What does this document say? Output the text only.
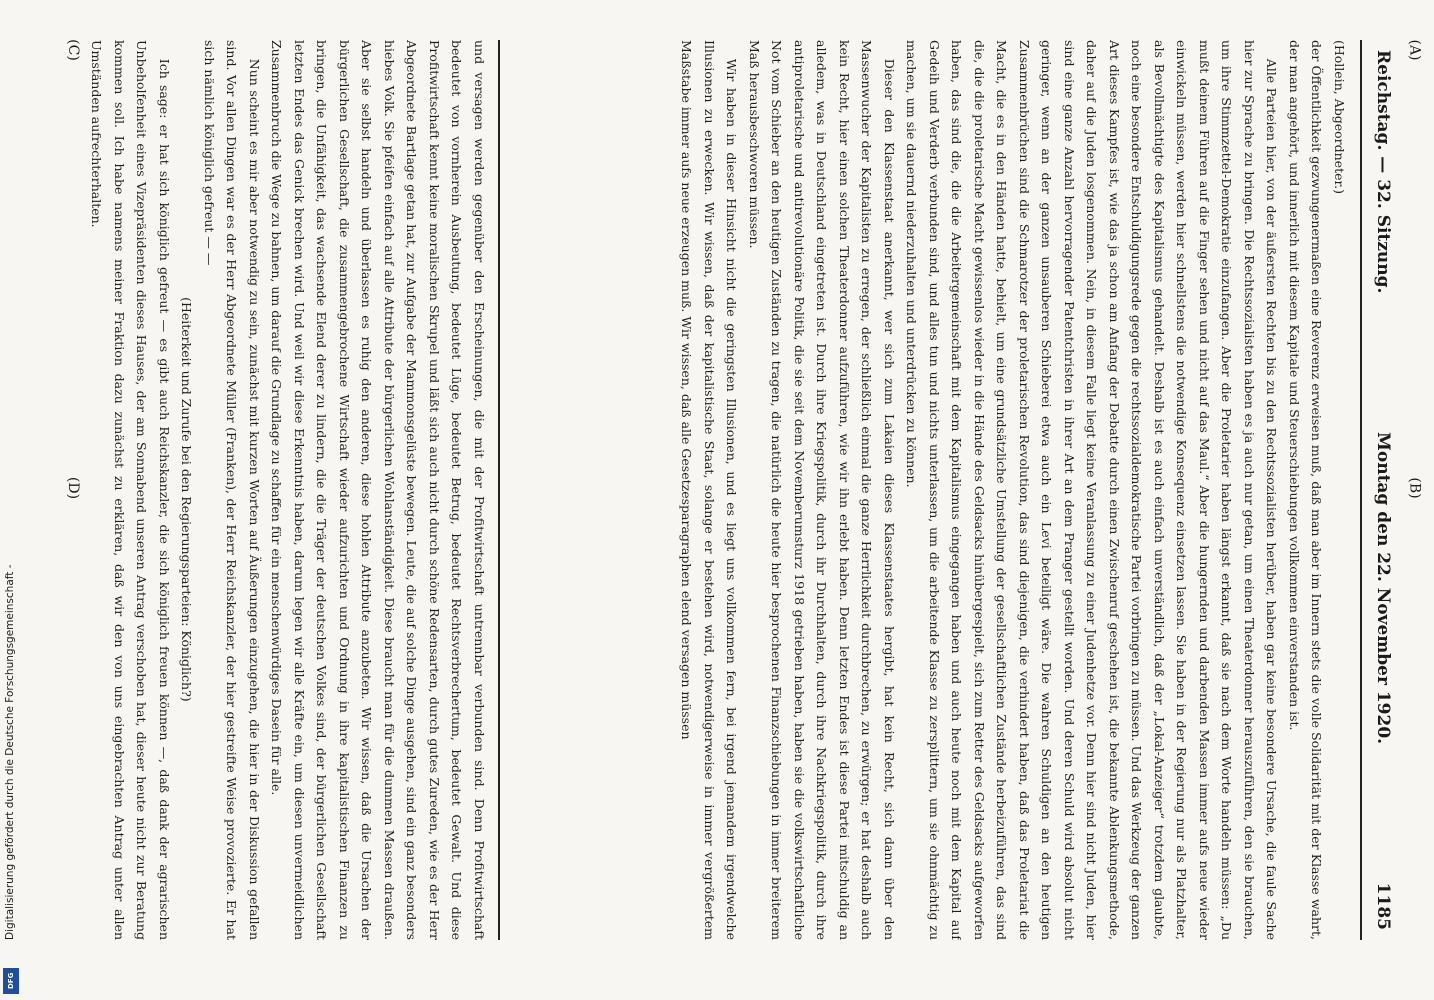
Digitalisierung gefördert durch die Deutsche Forschungsgemeinschaft -
DFG
Reichstag. — 32. Sitzung.
Montag den 22. November 1920.
1185

(Hollein, Abgeordneter.)

der Öffentlichkeit gezwungenermaßen eine Reverenz erweisen muß, daß man aber im Innern stets die volle Solidarität mit der Klasse wahrt, der man angehört, und innerlich mit diesem Kapitale und Steuerschiebungen vollkommen einverstanden ist.

Alle Parteien hier, von der äußersten Rechten bis zu den Rechtssozialisten herüber, haben gar keine besondere Ursache, die faule Sache hier zur Sprache zu bringen. Die Rechtssozialisten haben es ja auch nur getan, um einen Theaterdonner herauszuführen, den sie brauchen, um ihre Stimmzettel-Demokratie einzufangen. Aber die Proletarier haben längst erkannt, daß sie nach dem Worte handeln müssen: „Du mußt deinem Führen auf die Finger sehen und nicht auf das Maul.“ Aber die hungernden und darbenden Massen immer aufs neue wieder einwickeln müssen, werden hier schnellstens die notwendige Konsequenz einsetzen lassen. Sie haben in der Regierung nur als Platzhalter, als Bevollmächtigte des Kapitalismus gehandelt. Deshalb ist es auch einfach unverständlich, daß der „Lokal-Anzeiger“ trotzdem glaubte, noch eine besondere Entschuldigungsrede gegen die rechtssozialdemokratische Partei vorbringen zu müssen. Und das Werkzeug der ganzen Art dieses Kampfes ist, wie das ja schon am Anfang der Debatte durch einen Zwischenruf geschehen ist, die bekannte Ablenkungsmethode, daher auf die Juden losgenommen. Nein, in diesem Falle liegt keine Veranlassung zu einer Judenhetze vor. Denn hier sind nicht Juden, hier sind eine ganze Anzahl hervorragender Patentchristen in ihrer Art an dem Pranger gestellt worden. Und deren Schuld wird absolut nicht geringer, wenn an der ganzen unsauberen Schieberei etwa auch ein Levi beteiligt wäre. Die wahren Schuldigen an den heutigen Zusammenbrüchen sind die Schmarotzer der proletarischen Revolution, das sind diejenigen, die verhindert haben, daß das Proletariat die Macht, die es in den Händen hatte, behielt, um eine grundsätzliche Umstellung der gesellschaftlichen Zustände herbeizuführen, das sind die, die die proletarische Macht gewissenlos wieder in die Hände des Geldsacks hinübergespielt, sich zum Retter des Geldsacks aufgeworfen haben, das sind die, die die Arbeitergemeinschaft mit dem Kapitalismus eingegangen haben und auch heute noch mit dem Kapital auf Gedeih und Verderb verbunden sind, und alles tun und nichts unterlassen, um die arbeitende Klasse zu zersplittern, um sie ohnmächtig zu machen, um sie dauernd niederzuhalten und unterdrücken zu können.

Dieser den Klassenstaat anerkannt, wer sich zum Lakaien dieses Klassenstaates hergibt, hat kein Recht, sich dann über den Massenwucher der Kapitalisten zu erregen, der schließlich einmal die ganze Herrlichkeit durchbrechen, zu erwürgen; er hat deshalb auch kein Recht, hier einen solchen Theaterdonner aufzuführen, wie wir ihn erlebt haben. Denn letzten Endes ist diese Partei mitschuldig an alledem, was in Deutschland eingetreten ist. Durch ihre Kriegspolitik, durch ihr Durchhalten, durch ihre Nachkriegspolitik, durch ihre antiproletarische und antirevolutionäre Politik, die sie seit dem Novemberumsturz 1918 getrieben haben, haben sie die volkswirtschaftliche Not vom Schieber an den heutigen Zuständen zu tragen, die natürlich die heute hier besprochenen Finanzschiebungen in immer breiterem Maß herausbeschworen müssen.

Wir haben in dieser Hinsicht nicht die geringsten Illusionen, und es liegt uns vollkommen fern, bei irgend jemandem irgendwelche Illusionen zu erwecken. Wir wissen, daß der kapitalistische Staat, solange er bestehen wird, notwendigerweise in immer vergrößertem Maßstabe immer aufs neue erzeugen muß. Wir wissen, daß alle Gesetzesparagraphen elend versagen müssen

und versagen werden gegenüber den Erscheinungen, die mit der Profitwirtschaft untrennbar verbunden sind. Denn Profitwirtschaft bedeutet von vornherein Ausbeutung, bedeutet Lüge, bedeutet Betrug, bedeutet Rechtsverbrechertum, bedeutet Gewalt. Und diese Profitwirtschaft kennt keine moralischen Skrupel und läßt sich auch nicht durch schöne Redensarten, durch gutes Zureden, wie es der Herr Abgeordnete Bartlage getan hat, zur Aufgabe der Mammonsgelüste bewegen. Leute, die auf solche Dinge ausgehen, sind ein ganz besonders hiebes Volk. Sie pfeifen einfach auf alle Attribute der bürgerlichen Wohlanständigkeit. Diese braucht man für die dummen Massen draußen. Aber sie selbst handeln und überlassen es ruhig den anderen, diese hohlen Attribute anzubeten. Wir wissen, daß die Ursachen der bürgerlichen Gesellschaft, die zusammengebrochene Wirtschaft wieder aufzurichten und Ordnung in ihre kapitalistischen Finanzen zu bringen, die Unfähigkeit, das wachsende Elend derer zu lindern, die die Träger der deutschen Volkes sind, der bürgerlichen Gesellschaft letzten Endes das Genick brechen wird. Und weil wir diese Erkenntnis haben, darum legen wir alle Kräfte ein, um diesen unvermeidlichen Zusammenbruch die Wege zu bahnen, um darauf die Grundlage zu schaffen für ein menschenwürdiges Dasein für alle.

Nun scheint es mir aber notwendig zu sein, zunächst mit kurzen Worten auf Äußerungen einzugehen, die hier in der Diskussion gefallen sind. Vor allen Dingen war es der Herr Abgeordnete Müller (Franken), der Herr Reichskanzler, der hier gestreifte Weise provozierte. Er hat sich nämlich königlich gefreut — —

(Heiterkeit und Zurufe bei den Regierungsparteien: Königlich?)

Ich sage: er hat sich königlich gefreut — es gibt auch Reichskanzler, die sich königlich freuen können —, daß dank der agrarischen Unbeholfenheit eines Vizepräsidenten dieses Hauses, der am Sonnabend unseren Antrag verschoben hat, dieser heute nicht zur Beratung kommen soll. Ich habe namens meiner Fraktion dazu zunächst zu erklären, daß wir den von uns eingebrachten Antrag unter allen Umständen aufrechterhalten.	(A)
(B)
(C)
(D)
